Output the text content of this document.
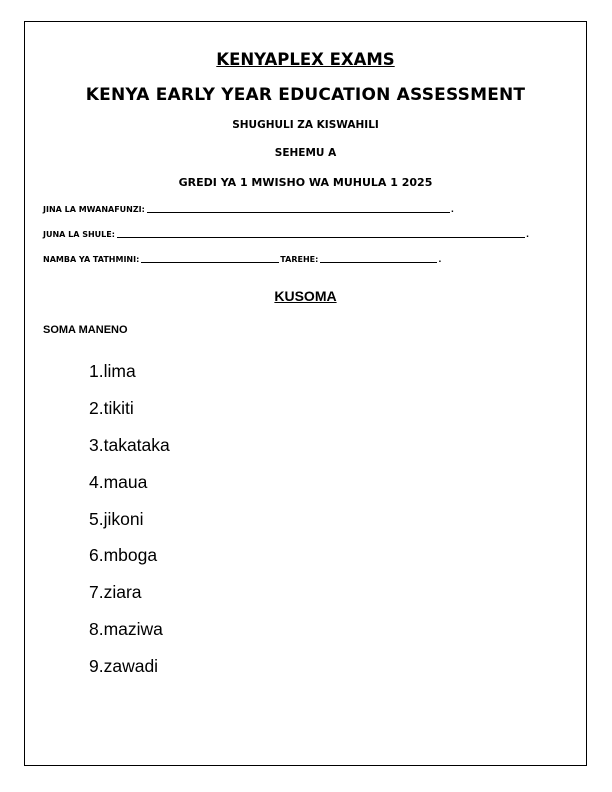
KENYAPLEX EXAMS
KENYA EARLY YEAR EDUCATION ASSESSMENT
SHUGHULI ZA KISWAHILI
SEHEMU A
GREDI YA 1 MWISHO WA MUHULA 1 2025
JINA LA MWANAFUNZI:	.
JUNA LA SHULE:	.
NAMBA YA TATHMINI:	TAREHE:	.
KUSOMA
SOMA MANENO
1.lima
2.tikiti
3.takataka
4.maua
5.jikoni
6.mboga
7.ziara
8.maziwa
9.zawadi
